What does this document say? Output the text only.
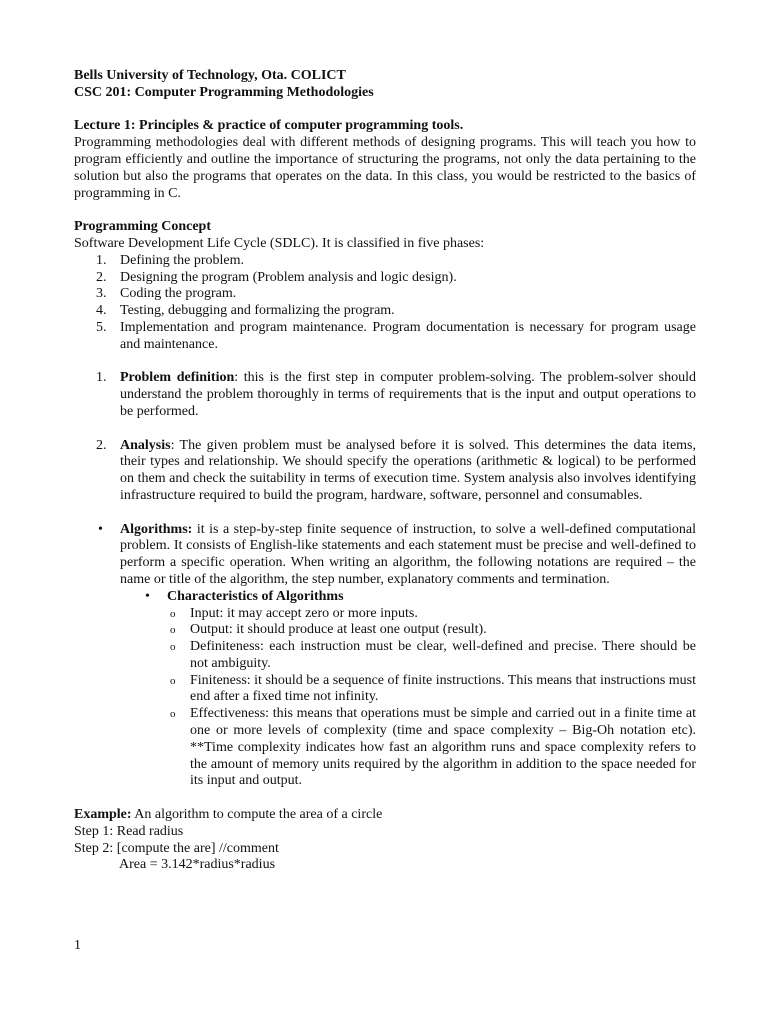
Bells University of Technology, Ota. COLICT

CSC 201: Computer Programming Methodologies

Lecture 1: Principles & practice of computer programming tools.

Programming methodologies deal with different methods of designing programs. This will teach you how to program efficiently and outline the importance of structuring the programs, not only the data pertaining to the solution but also the programs that operates on the data. In this class, you would be restricted to the basics of programming in C.

Programming Concept

Software Development Life Cycle (SDLC). It is classified in five phases:

1. Defining the problem.
2. Designing the program (Problem analysis and logic design).
3. Coding the program.
4. Testing, debugging and formalizing the program.
5. Implementation and program maintenance. Program documentation is necessary for program usage and maintenance.
1. Problem definition: this is the first step in computer problem-solving. The problem-solver should understand the problem thoroughly in terms of requirements that is the input and output operations to be performed.
2. Analysis: The given problem must be analysed before it is solved. This determines the data items, their types and relationship. We should specify the operations (arithmetic & logical) to be performed on them and check the suitability in terms of execution time. System analysis also involves identifying infrastructure required to build the program, hardware, software, personnel and consumables.
• Algorithms: it is a step-by-step finite sequence of instruction, to solve a well-defined computational problem. It consists of English-like statements and each statement must be precise and well-defined to perform a specific operation. When writing an algorithm, the following notations are required – the name or title of the algorithm, the step number, explanatory comments and termination.
• Characteristics of Algorithms
o Input: it may accept zero or more inputs.
o Output: it should produce at least one output (result).
o Definiteness: each instruction must be clear, well-defined and precise. There should be not ambiguity.
o Finiteness: it should be a sequence of finite instructions. This means that instructions must end after a fixed time not infinity.
o Effectiveness: this means that operations must be simple and carried out in a finite time at one or more levels of complexity (time and space complexity – Big-Oh notation etc). **Time complexity indicates how fast an algorithm runs and space complexity refers to the amount of memory units required by the algorithm in addition to the space needed for its input and output.

Example: An algorithm to compute the area of a circle

Step 1: Read radius

Step 2: [compute the are] //comment

Area = 3.142*radius*radius

1
